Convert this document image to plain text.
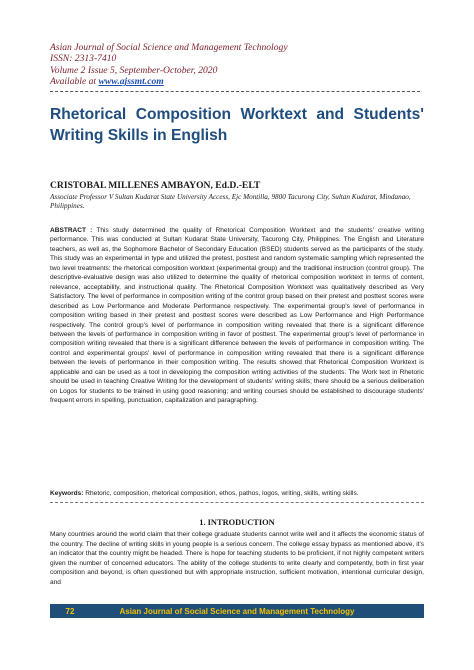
Asian Journal of Social Science and Management Technology
ISSN: 2313-7410
Volume 2 Issue 5, September-October, 2020
Available at www.ajssmt.com
Rhetorical Composition Worktext and Students'
Writing Skills in English
CRISTOBAL MILLENES AMBAYON, Ed.D.-ELT
Associate Professor V Sultan Kudarat State University Access, Ejc Montilla, 9800 Tacurong City, Sultan Kudarat, Mindanao, Philippines.
ABSTRACT : This study determined the quality of Rhetorical Composition Worktext and the students' creative writing performance. This was conducted at Sultan Kudarat State University, Tacurong City, Philippines. The English and Literature teachers, as well as, the Sophomore Bachelor of Secondary Education (BSED) students served as the participants of the study. This study was an experimental in type and utilized the pretest, posttest and random systematic sampling which represented the two level treatments: the rhetorical composition worktext (experimental group) and the traditional instruction (control group). The descriptive-evaluative design was also utilized to determine the quality of rhetorical composition worktext in terms of content, relevance, acceptability, and instructional quality. The Rhetorical Composition Worktext was qualitatively described as Very Satisfactory. The level of performance in composition writing of the control group based on their pretest and posttest scores were described as Low Performance and Moderate Performance respectively. The experimental group's level of performance in composition writing based in their pretest and posttest scores were described as Low Performance and High Performance respectively. The control group's level of performance in composition writing revealed that there is a significant difference between the levels of performance in composition writing in favor of posttest. The experimental group's level of performance in composition writing revealed that there is a significant difference between the levels of performance in composition writing. The control and experimental groups' level of performance in composition writing revealed that there is a significant difference between the levels of performance in their composition writing. The results showed that Rhetorical Composition Worktext is applicable and can be used as a tool in developing the composition writing activities of the students. The Work text in Rhetoric should be used in teaching Creative Writing for the development of students' writing skills; there should be a serious deliberation on Logos for students to be trained in using good reasoning; and writing courses should be established to discourage students' frequent errors in spelling, punctuation, capitalization and paragraphing.
Keywords: Rhetoric, composition, rhetorical composition, ethos, pathos, logos, writing, skills, writing skills.
1. INTRODUCTION
Many countries around the world claim that their college graduate students cannot write well and it affects the economic status of the country. The decline of writing skills in young people is a serious concern. The college essay bypass as mentioned above, it's an indicator that the country might be headed. There is hope for teaching students to be proficient, if not highly competent writers given the number of concerned educators. The ability of the college students to write clearly and competently, both in first year composition and beyond, is often questioned but with appropriate instruction, sufficient motivation, intentional curricular design, and
72	Asian Journal of Social Science and Management Technology
